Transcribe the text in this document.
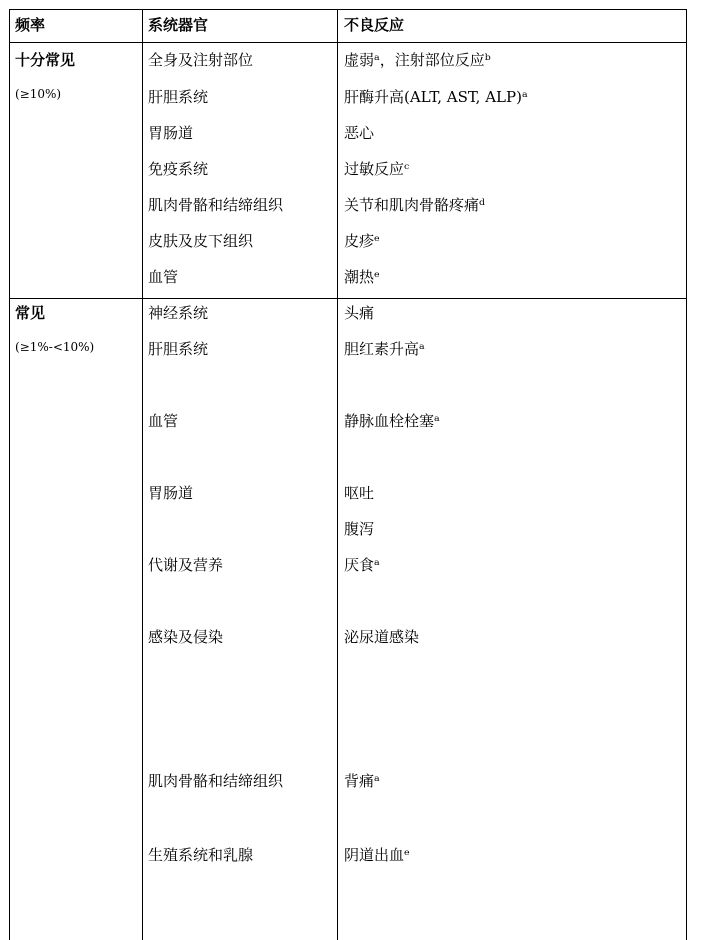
频率	系统器官	不良反应
十分常见
(≥10%)
全身及注射部位	虚弱ᵃ，注射部位反应ᵇ
肝胆系统	肝酶升高(ALT, AST, ALP)ᵃ
胃肠道	恶心
免疫系统	过敏反应ᶜ
肌肉骨骼和结缔组织	关节和肌肉骨骼疼痛ᵈ
皮肤及皮下组织	皮疹ᵉ
血管	潮热ᵉ
常见
(≥1%-<10%)
神经系统	头痛
肝胆系统	胆红素升高ᵃ
血管	静脉血栓栓塞ᵃ
胃肠道	呕吐
腹泻
代谢及营养	厌食ᵃ
感染及侵染	泌尿道感染
肌肉骨骼和结缔组织	背痛ᵃ
生殖系统和乳腺	阴道出血ᵉ
